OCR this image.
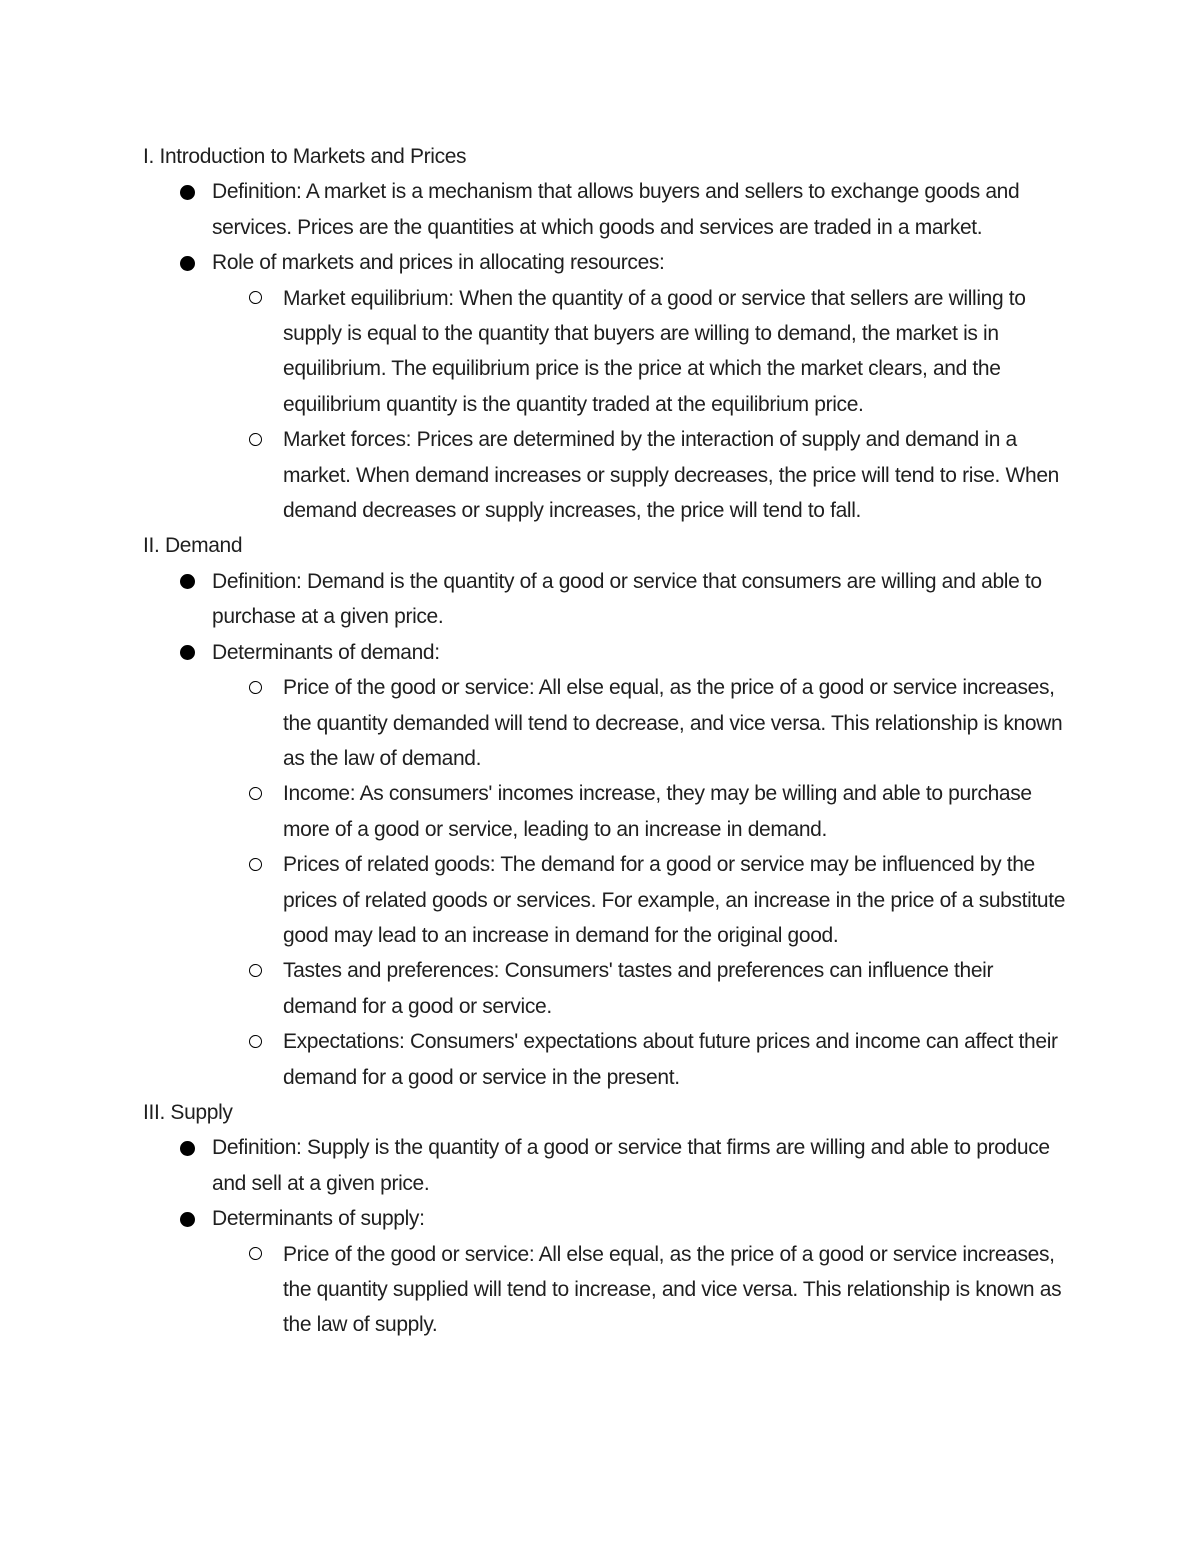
I. Introduction to Markets and Prices

Definition: A market is a mechanism that allows buyers and sellers to exchange goods and services. Prices are the quantities at which goods and services are traded in a market.
Role of markets and prices in allocating resources:
Market equilibrium: When the quantity of a good or service that sellers are willing to supply is equal to the quantity that buyers are willing to demand, the market is in equilibrium. The equilibrium price is the price at which the market clears, and the equilibrium quantity is the quantity traded at the equilibrium price.
Market forces: Prices are determined by the interaction of supply and demand in a market. When demand increases or supply decreases, the price will tend to rise. When demand decreases or supply increases, the price will tend to fall.

II. Demand

Definition: Demand is the quantity of a good or service that consumers are willing and able to purchase at a given price.
Determinants of demand:
Price of the good or service: All else equal, as the price of a good or service increases, the quantity demanded will tend to decrease, and vice versa. This relationship is known as the law of demand.
Income: As consumers' incomes increase, they may be willing and able to purchase more of a good or service, leading to an increase in demand.
Prices of related goods: The demand for a good or service may be influenced by the prices of related goods or services. For example, an increase in the price of a substitute good may lead to an increase in demand for the original good.
Tastes and preferences: Consumers' tastes and preferences can influence their demand for a good or service.
Expectations: Consumers' expectations about future prices and income can affect their demand for a good or service in the present.

III. Supply

Definition: Supply is the quantity of a good or service that firms are willing and able to produce and sell at a given price.
Determinants of supply:
Price of the good or service: All else equal, as the price of a good or service increases, the quantity supplied will tend to increase, and vice versa. This relationship is known as the law of supply.
